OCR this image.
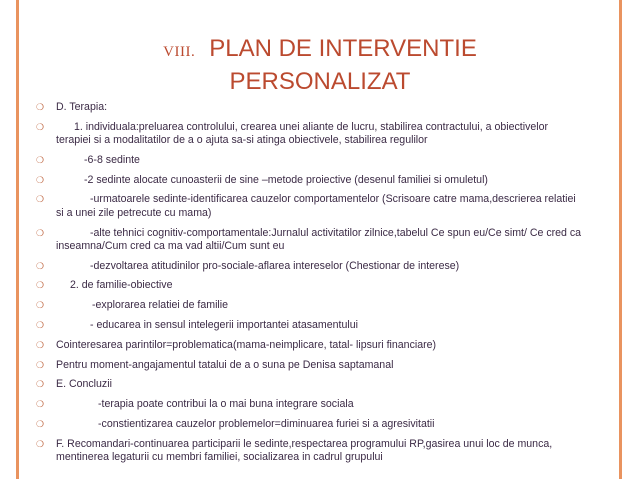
VIII. PLAN DE INTERVENTIE
PERSONALIZAT
❍	D. Terapia:
❍	1. individuala:preluarea controlului, crearea unei aliante de lucru, stabilirea contractului, a obiectivelor terapiei si a modalitatilor de a o ajuta sa-si atinga obiectivele, stabilirea regulilor
❍	-6-8 sedinte
❍	-2 sedinte alocate cunoasterii de sine –metode proiective (desenul familiei si omuletul)
❍	-urmatoarele sedinte-identificarea cauzelor comportamentelor (Scrisoare catre mama,descrierea relatiei si a unei zile petrecute cu mama)
❍	-alte tehnici cognitiv-comportamentale:Jurnalul activitatilor zilnice,tabelul Ce spun eu/Ce simt/ Ce cred ca inseamna/Cum cred ca ma vad altii/Cum sunt eu
❍	-dezvoltarea atitudinilor pro-sociale-aflarea intereselor (Chestionar de interese)
❍	2. de familie-obiective
❍	-explorarea relatiei de familie
❍	- educarea in sensul intelegerii importantei atasamentului
❍	Cointeresarea parintilor=problematica(mama-neimplicare, tatal- lipsuri financiare)
❍	Pentru moment-angajamentul tatalui de a o suna pe Denisa saptamanal
❍	E. Concluzii
❍	-terapia poate contribui la o mai buna integrare sociala
❍	-constientizarea cauzelor problemelor=diminuarea furiei si a agresivitatii
❍	F. Recomandari-continuarea participarii le sedinte,respectarea programului RP,gasirea unui loc de munca, mentinerea legaturii cu membri familiei, socializarea in cadrul grupului
